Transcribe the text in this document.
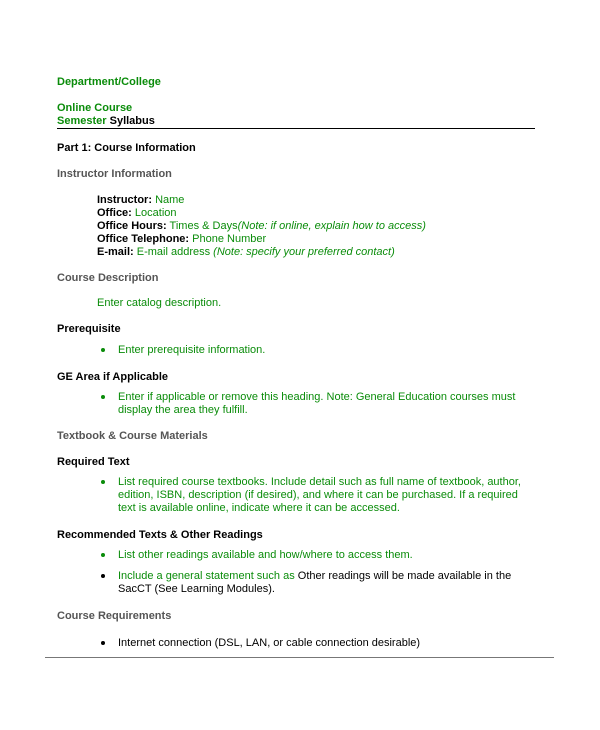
Department/College
Online Course
Semester Syllabus
Part 1: Course Information
Instructor Information
Instructor: Name
Office: Location
Office Hours: Times & Days(Note: if online, explain how to access)
Office Telephone: Phone Number
E-mail: E-mail address (Note: specify your preferred contact)
Course Description
Enter catalog description.
Prerequisite
Enter prerequisite information.
GE Area if Applicable
Enter if applicable or remove this heading. Note: General Education courses must display the area they fulfill.
Textbook & Course Materials
Required Text
List required course textbooks. Include detail such as full name of textbook, author, edition, ISBN, description (if desired), and where it can be purchased. If a required text is available online, indicate where it can be accessed.
Recommended Texts & Other Readings
List other readings available and how/where to access them.
Include a general statement such as Other readings will be made available in the SacCT (See Learning Modules).
Course Requirements
Internet connection (DSL, LAN, or cable connection desirable)
